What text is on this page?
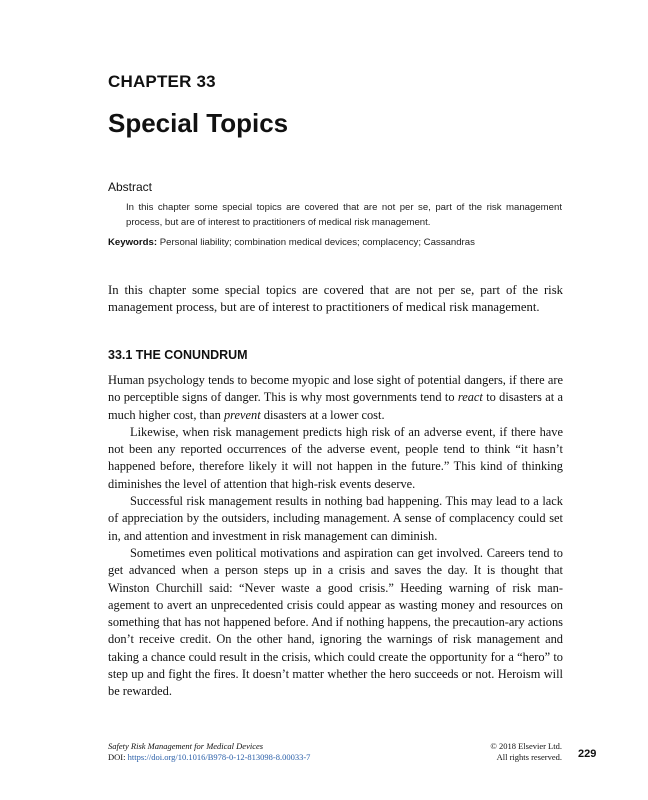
CHAPTER 33
Special Topics
Abstract
In this chapter some special topics are covered that are not per se, part of the risk management process, but are of interest to practitioners of medical risk management.
Keywords: Personal liability; combination medical devices; complacency; Cassandras
In this chapter some special topics are covered that are not per se, part of the risk management process, but are of interest to practitioners of medical risk management.
33.1 THE CONUNDRUM

Human psychology tends to become myopic and lose sight of potential dangers, if there are no perceptible signs of danger. This is why most governments tend to react to disasters at a much higher cost, than prevent disasters at a lower cost.

Likewise, when risk management predicts high risk of an adverse event, if there have not been any reported occurrences of the adverse event, people tend to think “it hasn’t happened before, therefore likely it will not happen in the future.” This kind of thinking diminishes the level of attention that high-risk events deserve.

Successful risk management results in nothing bad happening. This may lead to a lack of appreciation by the outsiders, including management. A sense of complacency could set in, and attention and investment in risk management can diminish.

Sometimes even political motivations and aspiration can get involved. Careers tend to get advanced when a person steps up in a crisis and saves the day. It is thought that Winston Churchill said: “Never waste a good crisis.” Heeding warning of risk man-agement to avert an unprecedented crisis could appear as wasting money and resources on something that has not happened before. And if nothing happens, the precaution-ary actions don’t receive credit. On the other hand, ignoring the warnings of risk management and taking a chance could result in the crisis, which could create the opportunity for a “hero” to step up and fight the fires. It doesn’t matter whether the hero succeeds or not. Heroism will be rewarded.

Safety Risk Management for Medical Devices
DOI: https://doi.org/10.1016/B978-0-12-813098-8.00033-7
© 2018 Elsevier Ltd.
All rights reserved. 229
